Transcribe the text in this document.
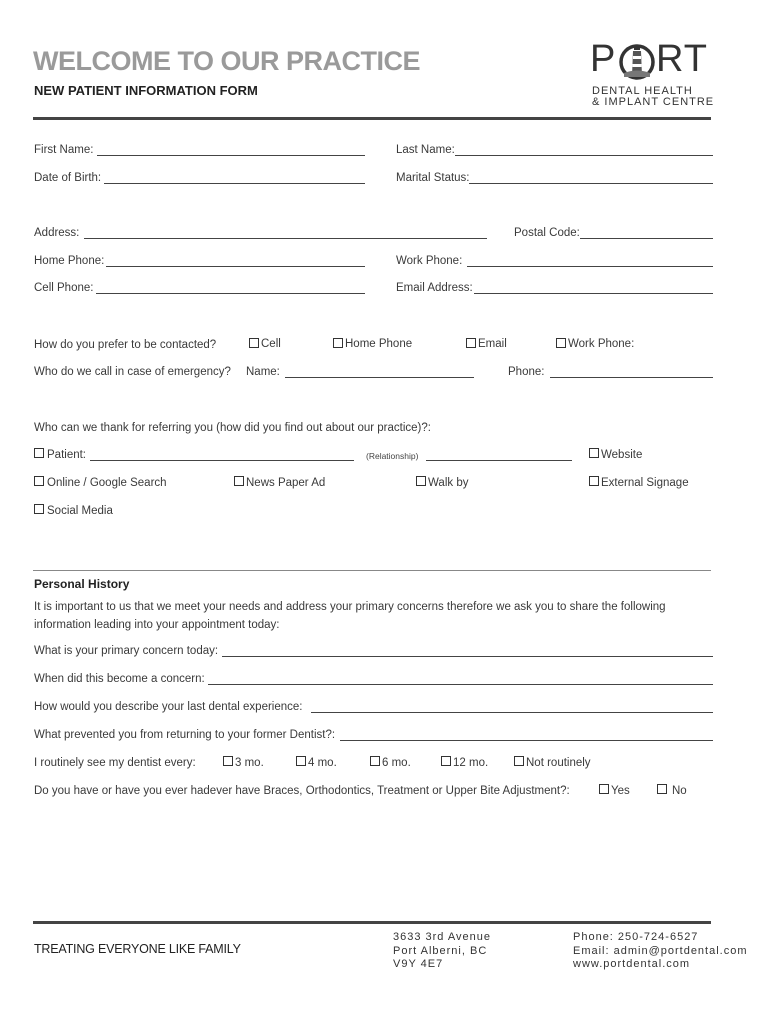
WELCOME TO OUR PRACTICE
NEW PATIENT INFORMATION FORM
P RT
DENTAL HEALTH
& IMPLANT CENTRE
First Name:	Last Name:
Date of Birth:	Marital Status:
Address:	Postal Code:
Home Phone:	Work Phone:
Cell Phone:	Email Address:
How do you prefer to be contacted?	Cell	Home Phone	Email	Work Phone:
Who do we call in case of emergency? Name:	Phone:
Who can we thank for referring you (how did you find out about our practice)?:
Patient:	(Relationship)	Website
Online / Google Search	News Paper Ad	Walk by	External Signage
Social Media
Personal History
It is important to us that we meet your needs and address your primary concerns therefore we ask you to share the following information leading into your appointment today:
What is your primary concern today:
When did this become a concern:
How would you describe your last dental experience:
What prevented you from returning to your former Dentist?:
I routinely see my dentist every:	3 mo.	4 mo.	6 mo.	12 mo.	Not routinely
Do you have or have you ever hadever have Braces, Orthodontics, Treatment or Upper Bite Adjustment?:	Yes	No
TREATING EVERYONE LIKE FAMILY
3633 3rd Avenue
Port Alberni, BC
V9Y 4E7
Phone: 250-724-6527
Email: admin@portdental.com
www.portdental.com
